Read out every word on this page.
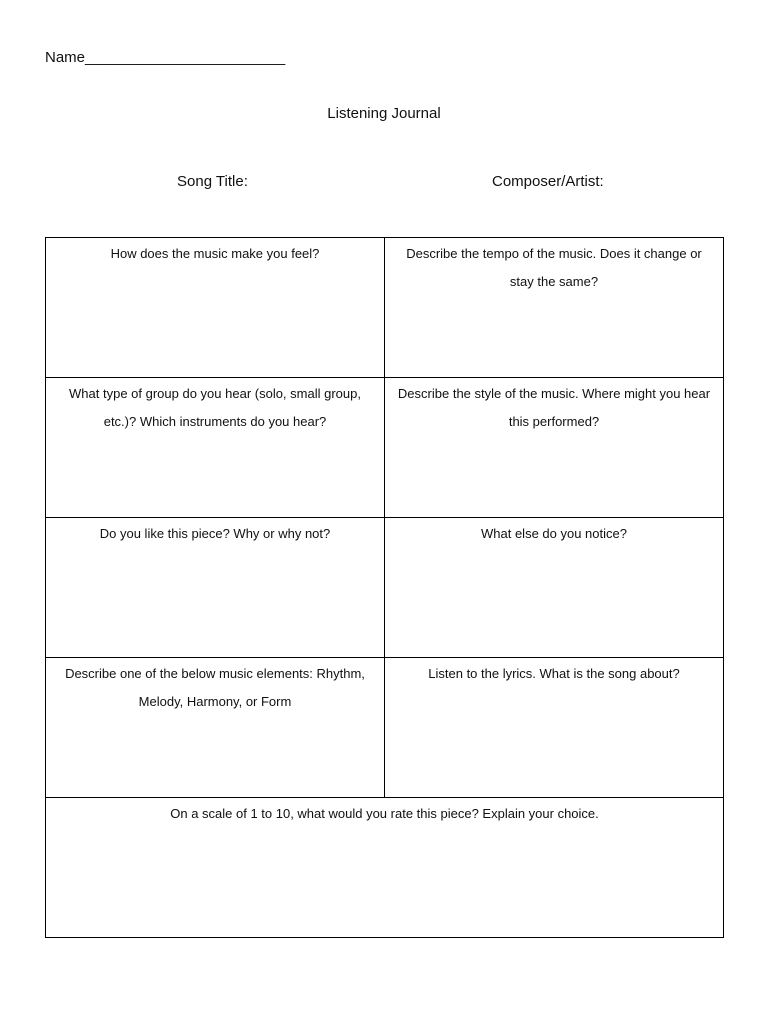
Name________________________
Listening Journal
Song Title:	Composer/Artist:
How does the music make you feel?	Describe the tempo of the music. Does it change or stay the same?
What type of group do you hear (solo, small group, etc.)? Which instruments do you hear?	Describe the style of the music. Where might you hear this performed?
Do you like this piece? Why or why not?	What else do you notice?
Describe one of the below music elements: Rhythm, Melody, Harmony, or Form	Listen to the lyrics. What is the song about?
On a scale of 1 to 10, what would you rate this piece? Explain your choice.	
